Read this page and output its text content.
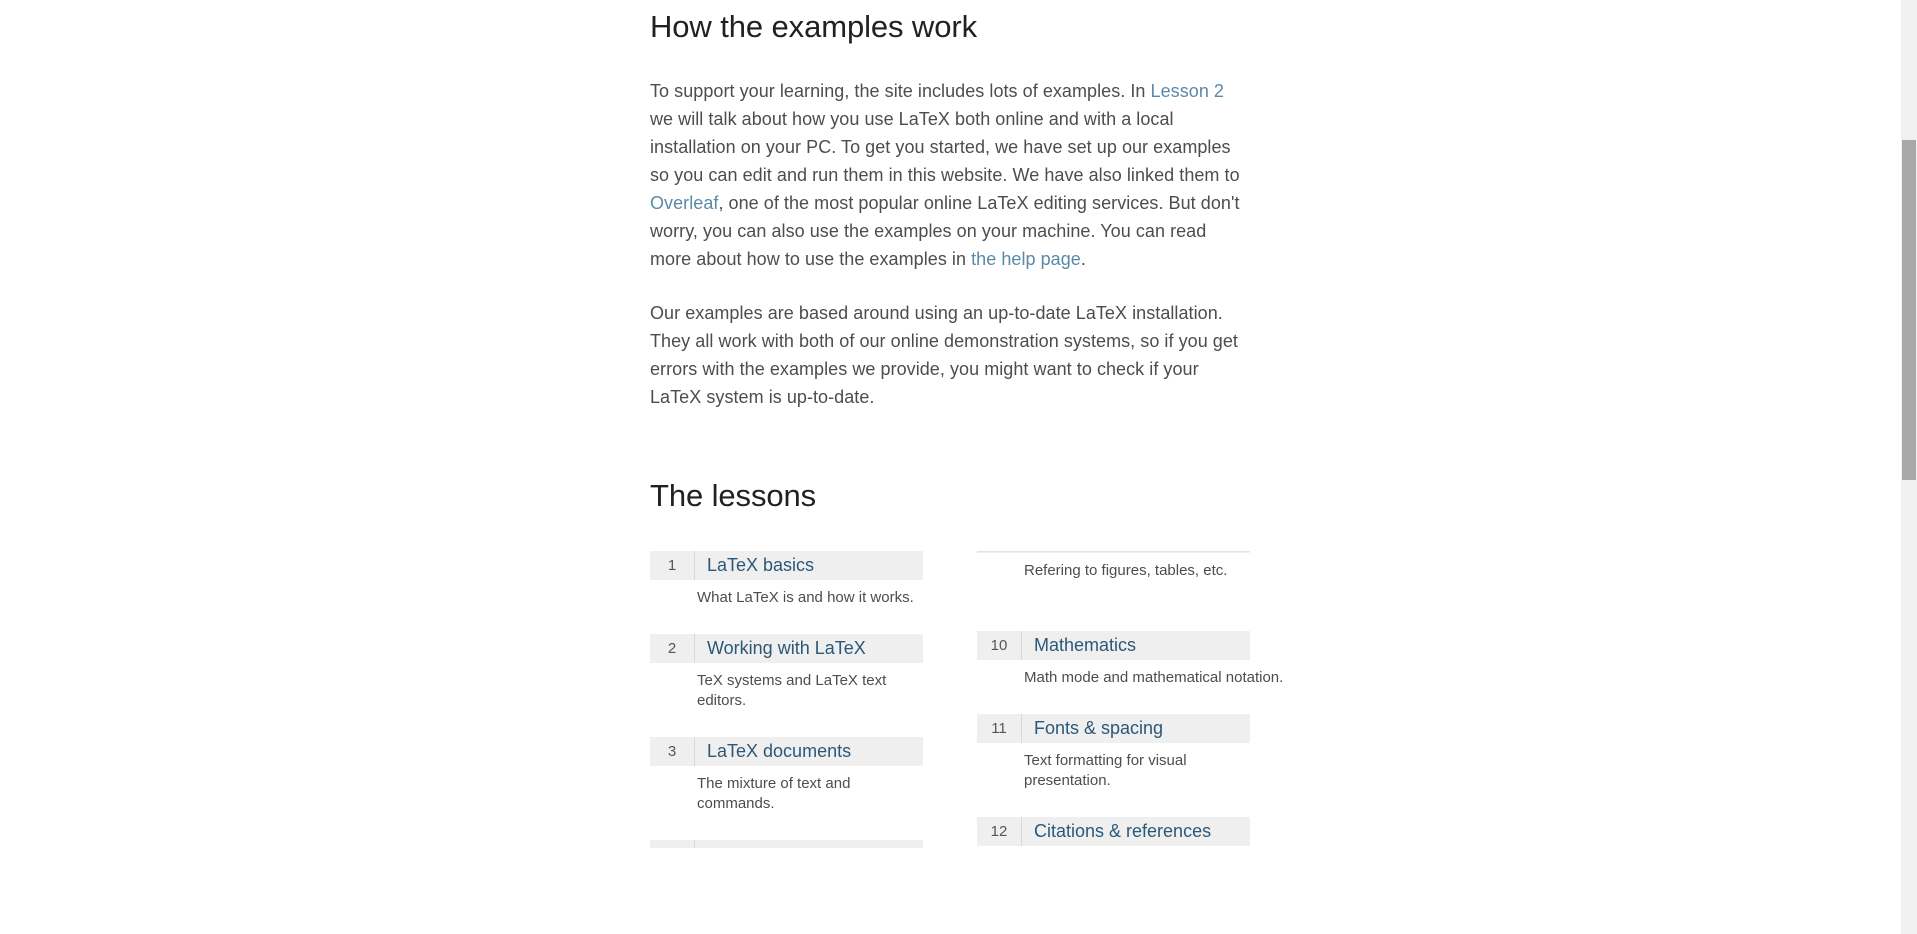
How the examples work

To support your learning, the site includes lots of examples. In Lesson 2 we will talk about how you use LaTeX both online and with a local installation on your PC. To get you started, we have set up our examples so you can edit and run them in this website. We have also linked them to Overleaf, one of the most popular online LaTeX editing services. But don't worry, you can also use the examples on your machine. You can read more about how to use the examples in the help page.

Our examples are based around using an up-to-date LaTeX installation. They all work with both of our online demonstration systems, so if you get errors with the examples we provide, you might want to check if your LaTeX system is up-to-date.

The lessons
1	LaTeX basics
What LaTeX is and how it works.
2	Working with LaTeX
TeX systems and LaTeX text editors.
3	LaTeX documents
The mixture of text and commands.
Refering to figures, tables, etc.
10	Mathematics
Math mode and mathematical notation.
11	Fonts & spacing
Text formatting for visual presentation.
12	Citations & references
